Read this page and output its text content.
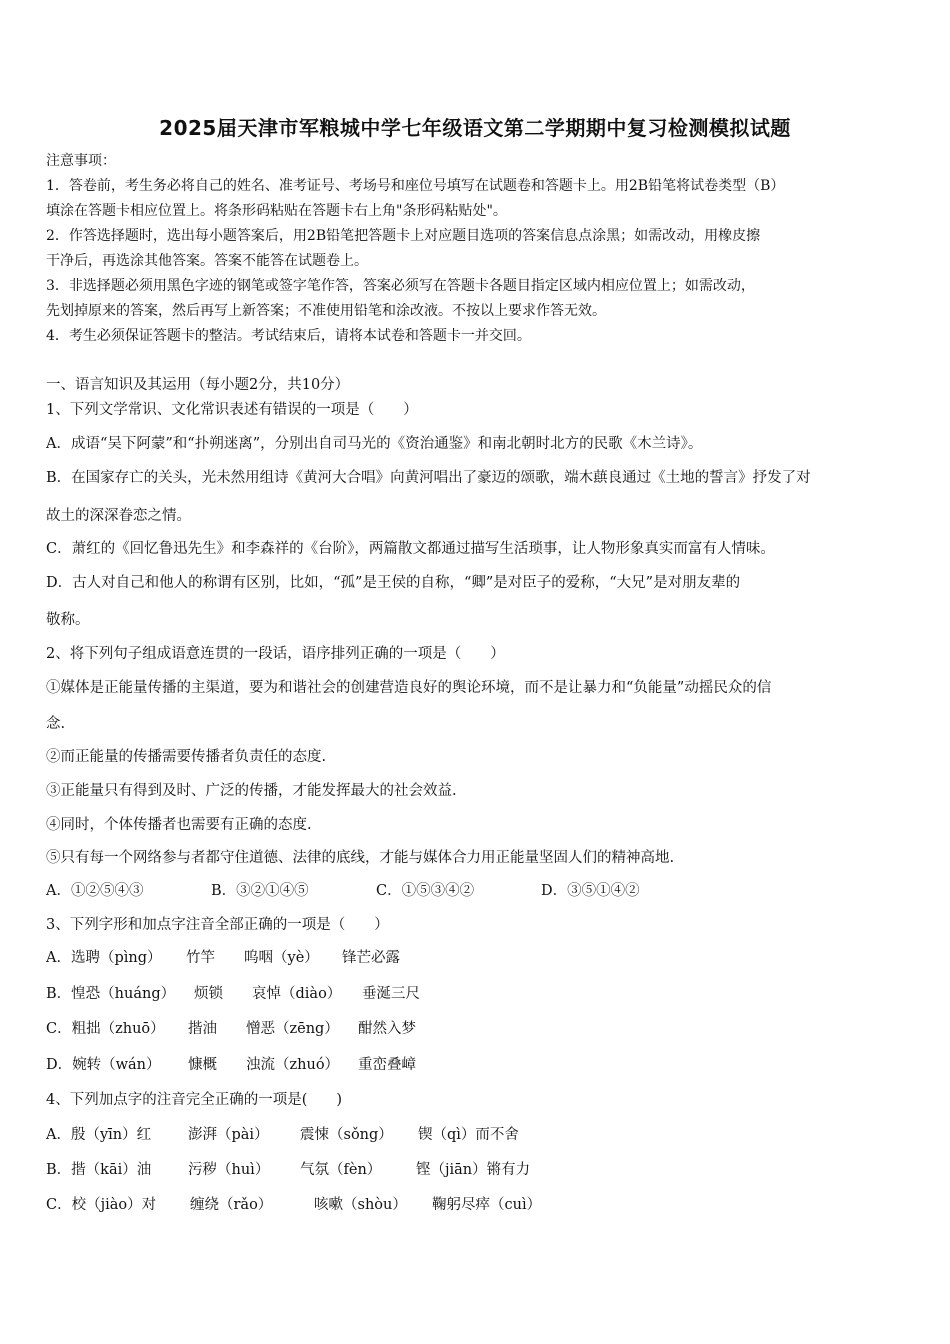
2025届天津市军粮城中学七年级语文第二学期期中复习检测模拟试题
注意事项：
1．答卷前，考生务必将自己的姓名、准考证号、考场号和座位号填写在试题卷和答题卡上。用2B铅笔将试卷类型（B）
填涂在答题卡相应位置上。将条形码粘贴在答题卡右上角"条形码粘贴处"。
2．作答选择题时，选出每小题答案后，用2B铅笔把答题卡上对应题目选项的答案信息点涂黑；如需改动，用橡皮擦
干净后，再选涂其他答案。答案不能答在试题卷上。
3．非选择题必须用黑色字迹的钢笔或签字笔作答，答案必须写在答题卡各题目指定区域内相应位置上；如需改动，
先划掉原来的答案，然后再写上新答案；不准使用铅笔和涂改液。不按以上要求作答无效。
4．考生必须保证答题卡的整洁。考试结束后，请将本试卷和答题卡一并交回。
一、语言知识及其运用（每小题2分，共10分）
1、下列文学常识、文化常识表述有错误的一项是（　　）
A．成语“吴下阿蒙”和“扑朔迷离”，分别出自司马光的《资治通鉴》和南北朝时北方的民歌《木兰诗》。
B．在国家存亡的关头，光未然用组诗《黄河大合唱》向黄河唱出了豪迈的颂歌，端木蕻良通过《土地的誓言》抒发了对
故土的深深眷恋之情。
C．萧红的《回忆鲁迅先生》和李森祥的《台阶》，两篇散文都通过描写生活琐事，让人物形象真实而富有人情味。
D．古人对自己和他人的称谓有区别，比如，“孤”是王侯的自称，“卿”是对臣子的爱称，“大兄”是对朋友辈的
敬称。
2、将下列句子组成语意连贯的一段话，语序排列正确的一项是（　　）
①媒体是正能量传播的主渠道，要为和谐社会的创建营造良好的舆论环境，而不是让暴力和“负能量”动摇民众的信
念.
②而正能量的传播需要传播者负责任的态度.
③正能量只有得到及时、广泛的传播，才能发挥最大的社会效益.
④同时，个体传播者也需要有正确的态度.
⑤只有每一个网络参与者都守住道德、法律的底线，才能与媒体合力用正能量坚固人们的精神高地.
A．①②⑤④③	B．③②①④⑤	C．①⑤③④②	D．③⑤①④②
3、下列字形和加点字注音全部正确的一项是（　　）
A．选聘（pìng） 竹竿 呜咽（yè） 锋芒必露
B．惶恐（huáng） 烦锁 哀悼（diào） 垂涎三尺
C．粗拙（zhuō） 揩油 憎恶（zēng） 酣然入梦
D．婉转（wán） 慷概 浊流（zhuó） 重峦叠嶂
4、下列加点字的注音完全正确的一项是(　　)
A．殷（yīn）红	澎湃（pài） 震悚（sǒng） 锲（qì）而不舍
B．揩（kāi）油	污秽（huì） 气氛（fèn） 铿（jiān）锵有力
C．校（jiào）对 缠绕（rǎo）	咳嗽（shòu） 鞠躬尽瘁（cuì）
